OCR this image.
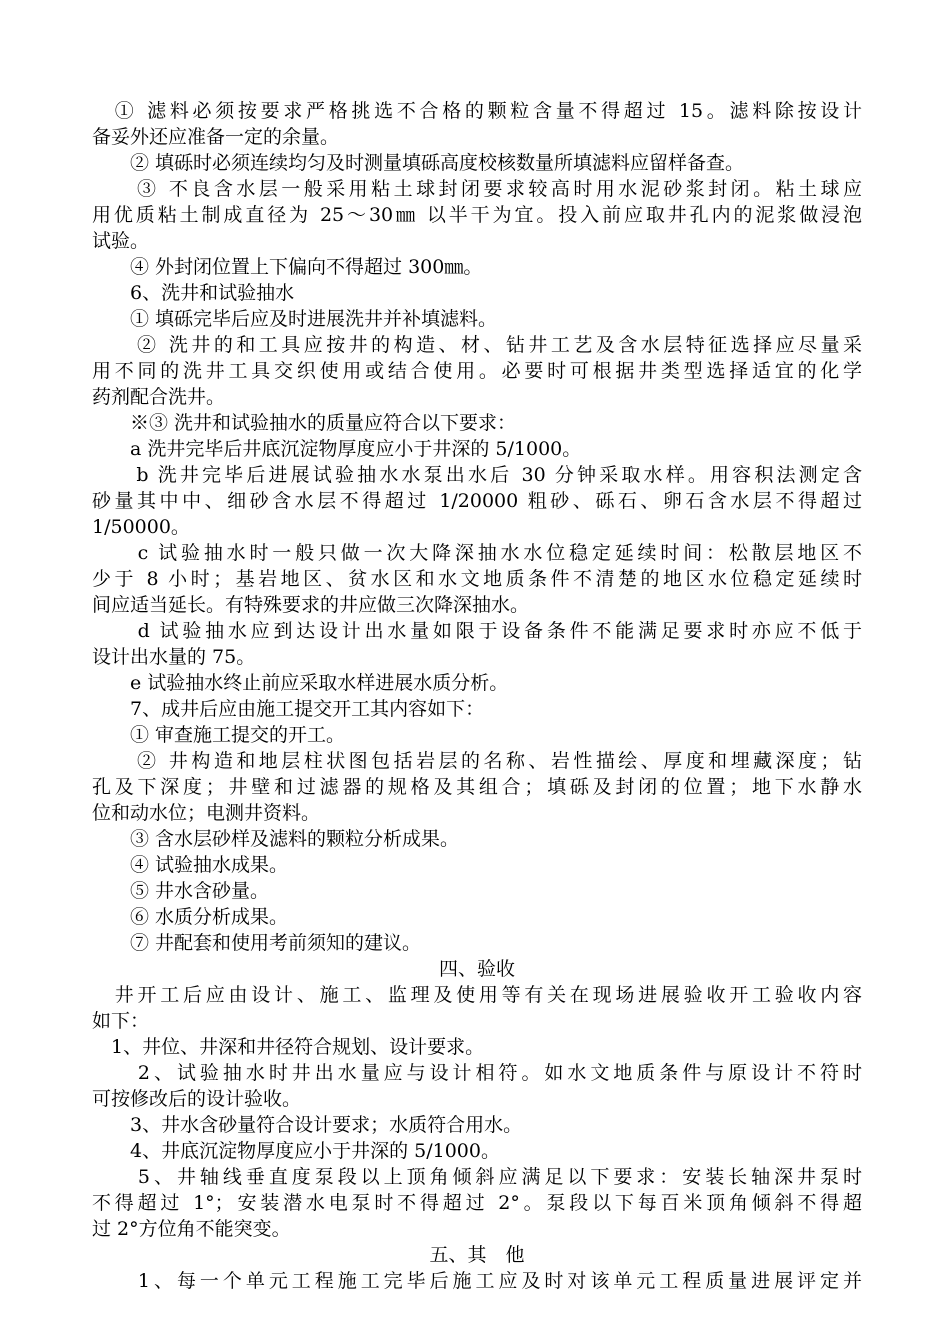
　① 滤料必须按要求严格挑选不合格的颗粒含量不得超过 15。滤料除按设计
备妥外还应准备一定的余量。
　　② 填砾时必须连续均匀及时测量填砾高度校核数量所填滤料应留样备查。
　　③ 不良含水层一般采用粘土球封闭要求较高时用水泥砂浆封闭。粘土球应
用优质粘土制成直径为 25～30㎜ 以半干为宜。投入前应取井孔内的泥浆做浸泡
试验。
　　④ 外封闭位置上下偏向不得超过 300㎜。
　　6、洗井和试验抽水
　　① 填砾完毕后应及时进展洗井并补填滤料。
　　② 洗井的和工具应按井的构造、材、钻井工艺及含水层特征选择应尽量采
用不同的洗井工具交织使用或结合使用。必要时可根据井类型选择适宜的化学
药剂配合洗井。
　　※③ 洗井和试验抽水的质量应符合以下要求：
　　a 洗井完毕后井底沉淀物厚度应小于井深的 5/1000。
　　b 洗井完毕后进展试验抽水水泵出水后 30 分钟采取水样。用容积法测定含
砂量其中中、细砂含水层不得超过 1/20000 粗砂、砾石、卵石含水层不得超过
1/50000。
　　c 试验抽水时一般只做一次大降深抽水水位稳定延续时间：松散层地区不
少于 8 小时；基岩地区、贫水区和水文地质条件不清楚的地区水位稳定延续时
间应适当延长。有特殊要求的井应做三次降深抽水。
　　d 试验抽水应到达设计出水量如限于设备条件不能满足要求时亦应不低于
设计出水量的 75。
　　e 试验抽水终止前应采取水样进展水质分析。
　　7、成井后应由施工提交开工其内容如下：
　　① 审查施工提交的开工。
　　② 井构造和地层柱状图包括岩层的名称、岩性描绘、厚度和埋藏深度；钻
孔及下深度；井壁和过滤器的规格及其组合；填砾及封闭的位置；地下水静水
位和动水位；电测井资料。
　　③ 含水层砂样及滤料的颗粒分析成果。
　　④ 试验抽水成果。
　　⑤ 井水含砂量。
　　⑥ 水质分析成果。
　　⑦ 井配套和使用考前须知的建议。
四、验收
　井开工后应由设计、施工、监理及使用等有关在现场进展验收开工验收内容
如下：
　1、井位、井深和井径符合规划、设计要求。
　　2、试验抽水时井出水量应与设计相符。如水文地质条件与原设计不符时
可按修改后的设计验收。
　　3、井水含砂量符合设计要求；水质符合用水。
　　4、井底沉淀物厚度应小于井深的 5/1000。
　　5、井轴线垂直度泵段以上顶角倾斜应满足以下要求：安装长轴深井泵时
不得超过 1°；安装潜水电泵时不得超过 2°。泵段以下每百米顶角倾斜不得超
过 2°方位角不能突变。
五、其　他
　　1、每一个单元工程施工完毕后施工应及时对该单元工程质量进展评定并
